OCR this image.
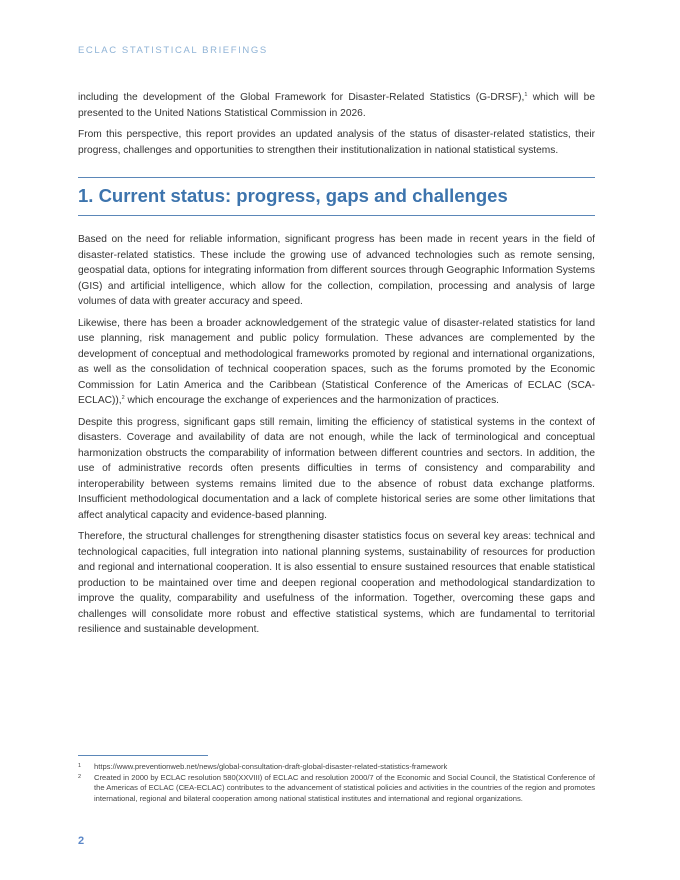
ECLAC STATISTICAL BRIEFINGS

including the development of the Global Framework for Disaster-Related Statistics (G-DRSF),$^1$ which will be presented to the United Nations Statistical Commission in 2026.

From this perspective, this report provides an updated analysis of the status of disaster-related statistics, their progress, challenges and opportunities to strengthen their institutionalization in national statistical systems.

1. Current status: progress, gaps and challenges

Based on the need for reliable information, significant progress has been made in recent years in the field of disaster-related statistics. These include the growing use of advanced technologies such as remote sensing, geospatial data, options for integrating information from different sources through Geographic Information Systems (GIS) and artificial intelligence, which allow for the collection, compilation, processing and analysis of large volumes of data with greater accuracy and speed.

Likewise, there has been a broader acknowledgement of the strategic value of disaster-related statistics for land use planning, risk management and public policy formulation. These advances are complemented by the development of conceptual and methodological frameworks promoted by regional and international organizations, as well as the consolidation of technical cooperation spaces, such as the forums promoted by the Economic Commission for Latin America and the Caribbean (Statistical Conference of the Americas of ECLAC (SCA-ECLAC)),$^2$ which encourage the exchange of experiences and the harmonization of practices.

Despite this progress, significant gaps still remain, limiting the efficiency of statistical systems in the context of disasters. Coverage and availability of data are not enough, while the lack of terminological and conceptual harmonization obstructs the comparability of information between different countries and sectors. In addition, the use of administrative records often presents difficulties in terms of consistency and comparability and interoperability between systems remains limited due to the absence of robust data exchange platforms. Insufficient methodological documentation and a lack of complete historical series are some other limitations that affect analytical capacity and evidence-based planning.

Therefore, the structural challenges for strengthening disaster statistics focus on several key areas: technical and technological capacities, full integration into national planning systems, sustainability of resources for production and regional and international cooperation. It is also essential to ensure sustained resources that enable statistical production to be maintained over time and deepen regional cooperation and methodological standardization to improve the quality, comparability and usefulness of the information. Together, overcoming these gaps and challenges will consolidate more robust and effective statistical systems, which are fundamental to territorial resilience and sustainable development.

1	https://www.preventionweb.net/news/global-consultation-draft-global-disaster-related-statistics-framework
2	Created in 2000 by ECLAC resolution 580(XXVIII) of ECLAC and resolution 2000/7 of the Economic and Social Council, the Statistical Conference of the Americas of ECLAC (CEA-ECLAC) contributes to the advancement of statistical policies and activities in the countries of the region and promotes international, regional and bilateral cooperation among national statistical institutes and international and regional organizations.
2
